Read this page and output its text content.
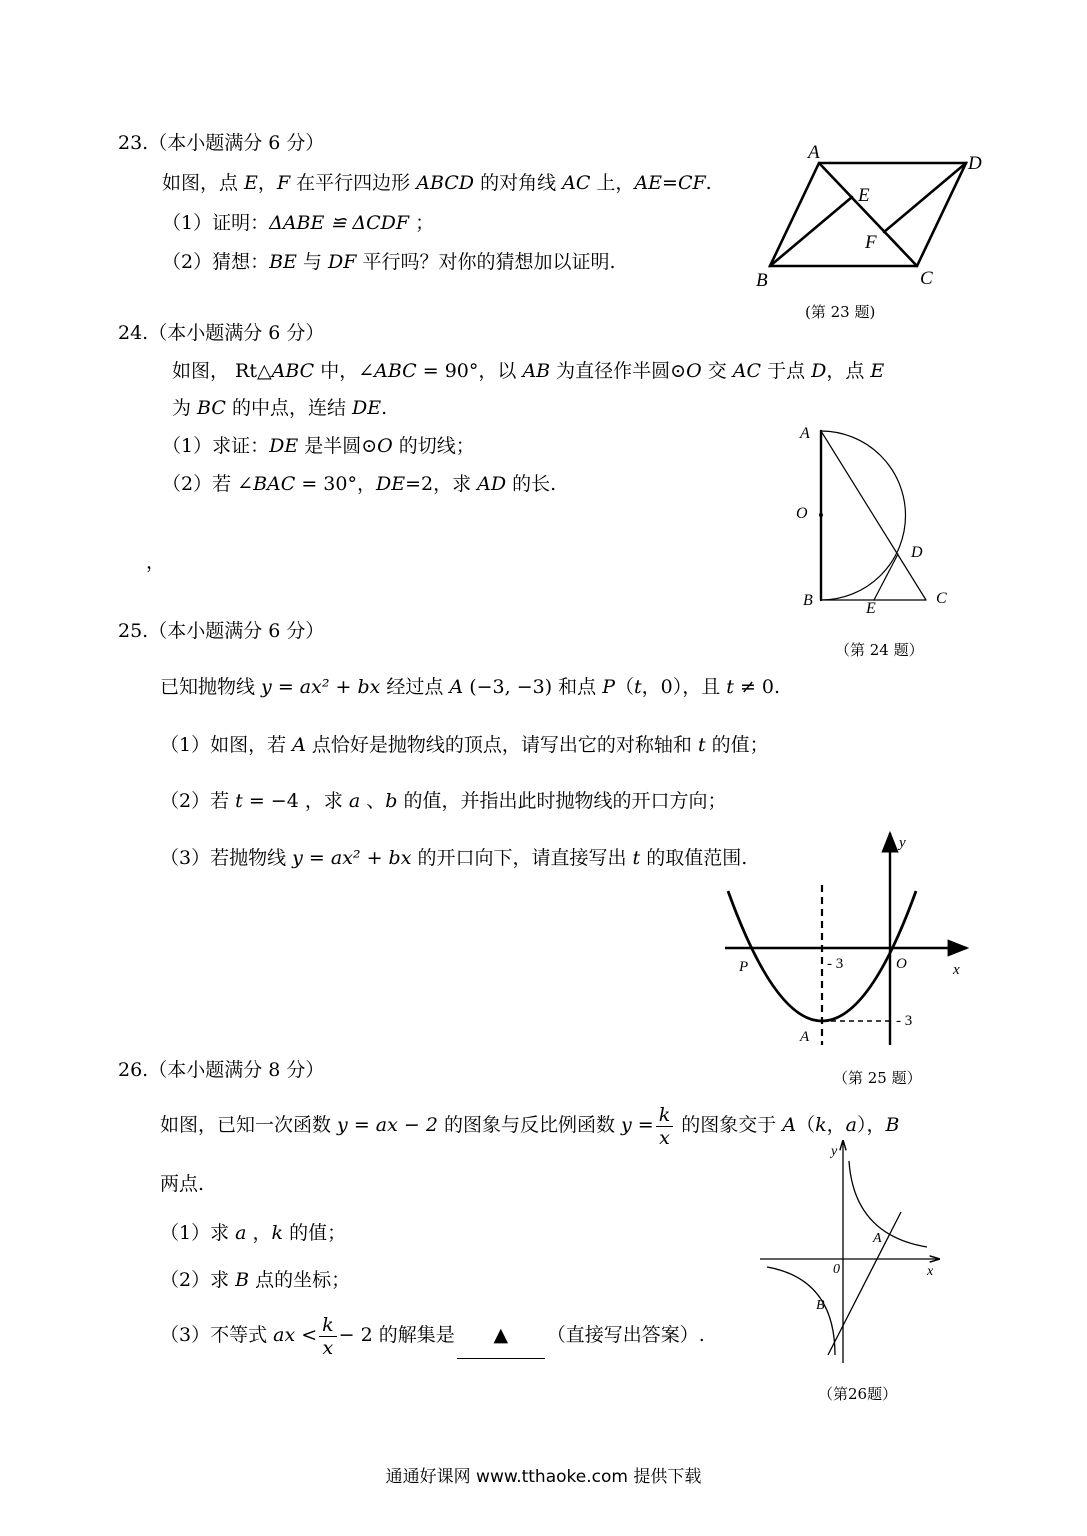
23.（本小题满分 6 分）
如图，点 E，F 在平行四边形 ABCD 的对角线 AC 上，AE=CF.
（1）证明：ΔABE ≌ ΔCDF ；
（2）猜想：BE 与 DF 平行吗？对你的猜想加以证明.
A
D
E
F
B	C
(第 23 题)
24.（本小题满分 6 分）
如图， Rt△ABC 中，∠ABC = 90°，以 AB 为直径作半圆⊙O 交 AC 于点 D，点 E
为 BC 的中点，连结 DE.
（1）求证：DE 是半圆⊙O 的切线；
（2）若 ∠BAC = 30°，DE=2，求 AD 的长.
，
A
O
D
B	E
C
（第 24 题）
25.（本小题满分 6 分）
已知抛物线 y = ax² + bx 经过点 A (−3, −3) 和点 P（t，0），且 t ≠ 0.
（1）如图，若 A 点恰好是抛物线的顶点，请写出它的对称轴和 t 的值；
（2）若 t = −4 ，求 a 、b 的值，并指出此时抛物线的开口方向；
（3）若抛物线 y = ax² + bx 的开口向下，请直接写出 t 的取值范围.
y
x
P	O
A
- 3
- 3
（第 25 题）
26.（本小题满分 8 分）
如图，已知一次函数 y = ax − 2 的图象与反比例函数 $y = \frac{k}{x}$ 的图象交于 A（k，a），B
两点.
（1）求 a ，k 的值；
（2）求 B 点的坐标；
（3）不等式 ax < $\frac{k}{x} - 2$ 的解集是 ▲ （直接写出答案）.
y
x
0
A
B
（第26题）
通通好课网 www.tthaoke.com 提供下载
